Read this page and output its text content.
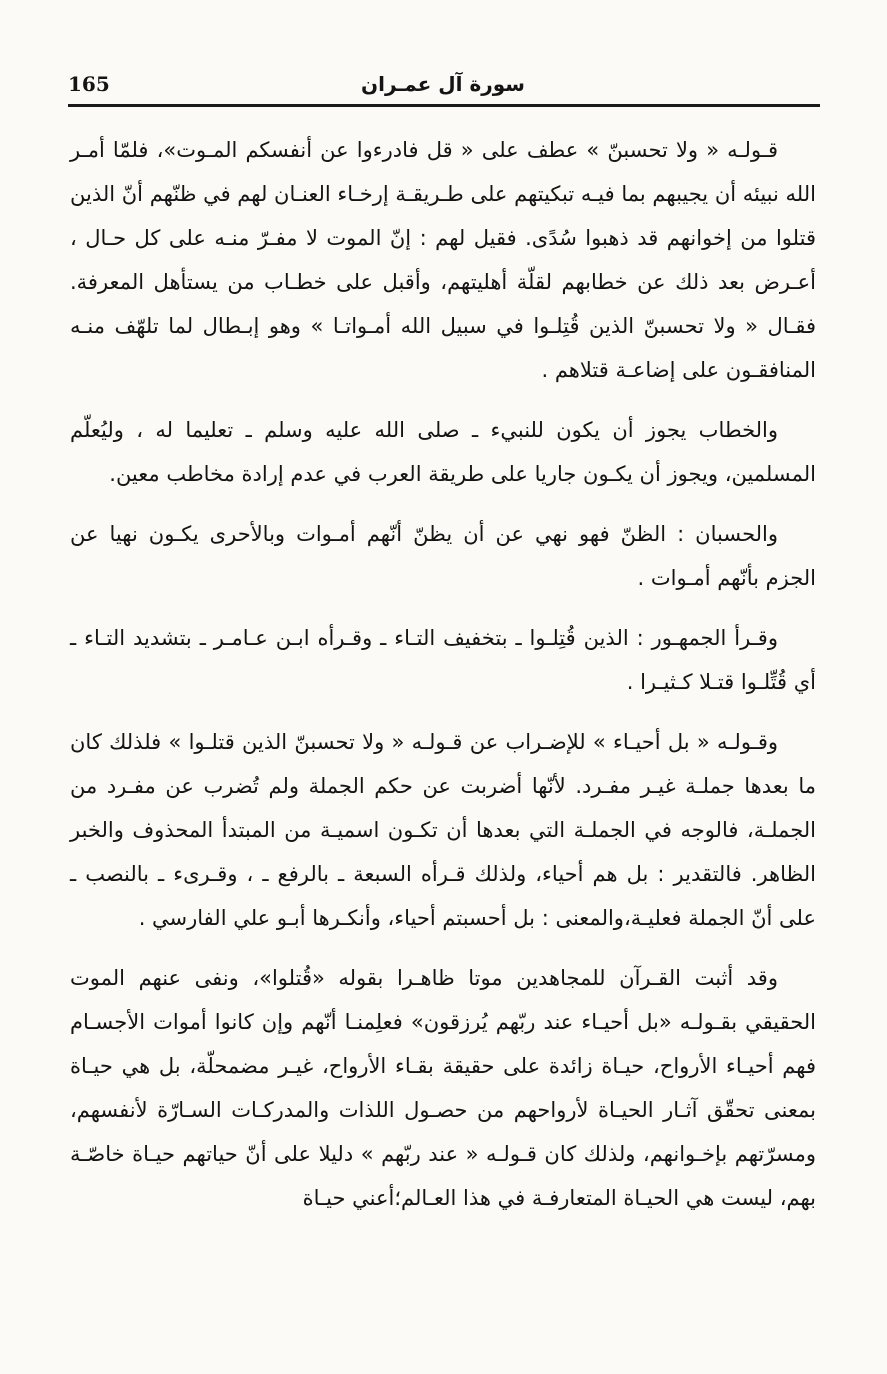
165	سورة آل عمـران

قـولـه « ولا تحسبنّ » عطف على « قل فادرءوا عن أنفسكم المـوت»، فلمّا أمـر الله نبيئه أن يجيبهم بما فيـه تبكيتهم على طـريقـة إرخـاء العنـان لهم في ظنّهم أنّ الذين قتلوا من إخوانهم قد ذهبوا سُدًى. فقيل لهم : إنّ الموت لا مفـرّ منـه على كل حـال ، أعـرض بعد ذلك عن خطابهم لقلّة أهليتهم، وأقبل على خطـاب من يستأهل المعرفة. فقـال « ولا تحسبنّ الذين قُتِلـوا في سبيل الله أمـواتـا » وهو إبـطال لما تلهّف منـه المنافقـون على إضاعـة قتلاهم .

والخطاب يجوز أن يكون للنبيء ـ صلى الله عليه وسلم ـ تعليما له ، وليُعلّم المسلمين، ويجوز أن يكـون جاريا على طريقة العرب في عدم إرادة مخاطب معين.

والحسبان : الظنّ فهو نهي عن أن يظنّ أنّهم أمـوات وبالأحرى يكـون نهيا عن الجزم بأنّهم أمـوات .

وقـرأ الجمهـور : الذين قُتِلـوا ـ بتخفيف التـاء ـ وقـرأه ابـن عـامـر ـ بتشديد التـاء ـ أي قُتِّلـوا قتـلا كـثيـرا .

وقـولـه « بل أحيـاء » للإضـراب عن قـولـه « ولا تحسبنّ الذين قتلـوا » فلذلك كان ما بعدها جملـة غيـر مفـرد. لأنّها أضربت عن حكم الجملة ولم تُضرب عن مفـرد من الجملـة، فالوجه في الجملـة التي بعدها أن تكـون اسميـة من المبتدأ المحذوف والخبر الظاهر. فالتقدير : بل هم أحياء، ولذلك قـرأه السبعة ـ بالرفع ـ ، وقـرىء ـ بالنصب ـ على أنّ الجملة فعليـة،والمعنى : بل أحسبتم أحياء، وأنكـرها أبـو علي الفارسي .

وقد أثبت القـرآن للمجاهدين موتا ظاهـرا بقوله «قُتلوا»، ونفى عنهم الموت الحقيقي بقـولـه «بل أحيـاء عند ربّهم يُرزقون» فعلِمنـا أنّهم وإن كانوا أموات الأجسـام فهم أحيـاء الأرواح، حيـاة زائدة على حقيقة بقـاء الأرواح، غيـر مضمحلّة، بل هي حيـاة بمعنى تحقّق آثـار الحيـاة لأرواحهم من حصـول اللذات والمدركـات السـارّة لأنفسهم، ومسرّتهم بإخـوانهم، ولذلك كان قـولـه « عند ربّهم » دليلا على أنّ حياتهم حيـاة خاصّـة بهم، ليست هي الحيـاة المتعارفـة في هذا العـالم؛أعني حيـاة
